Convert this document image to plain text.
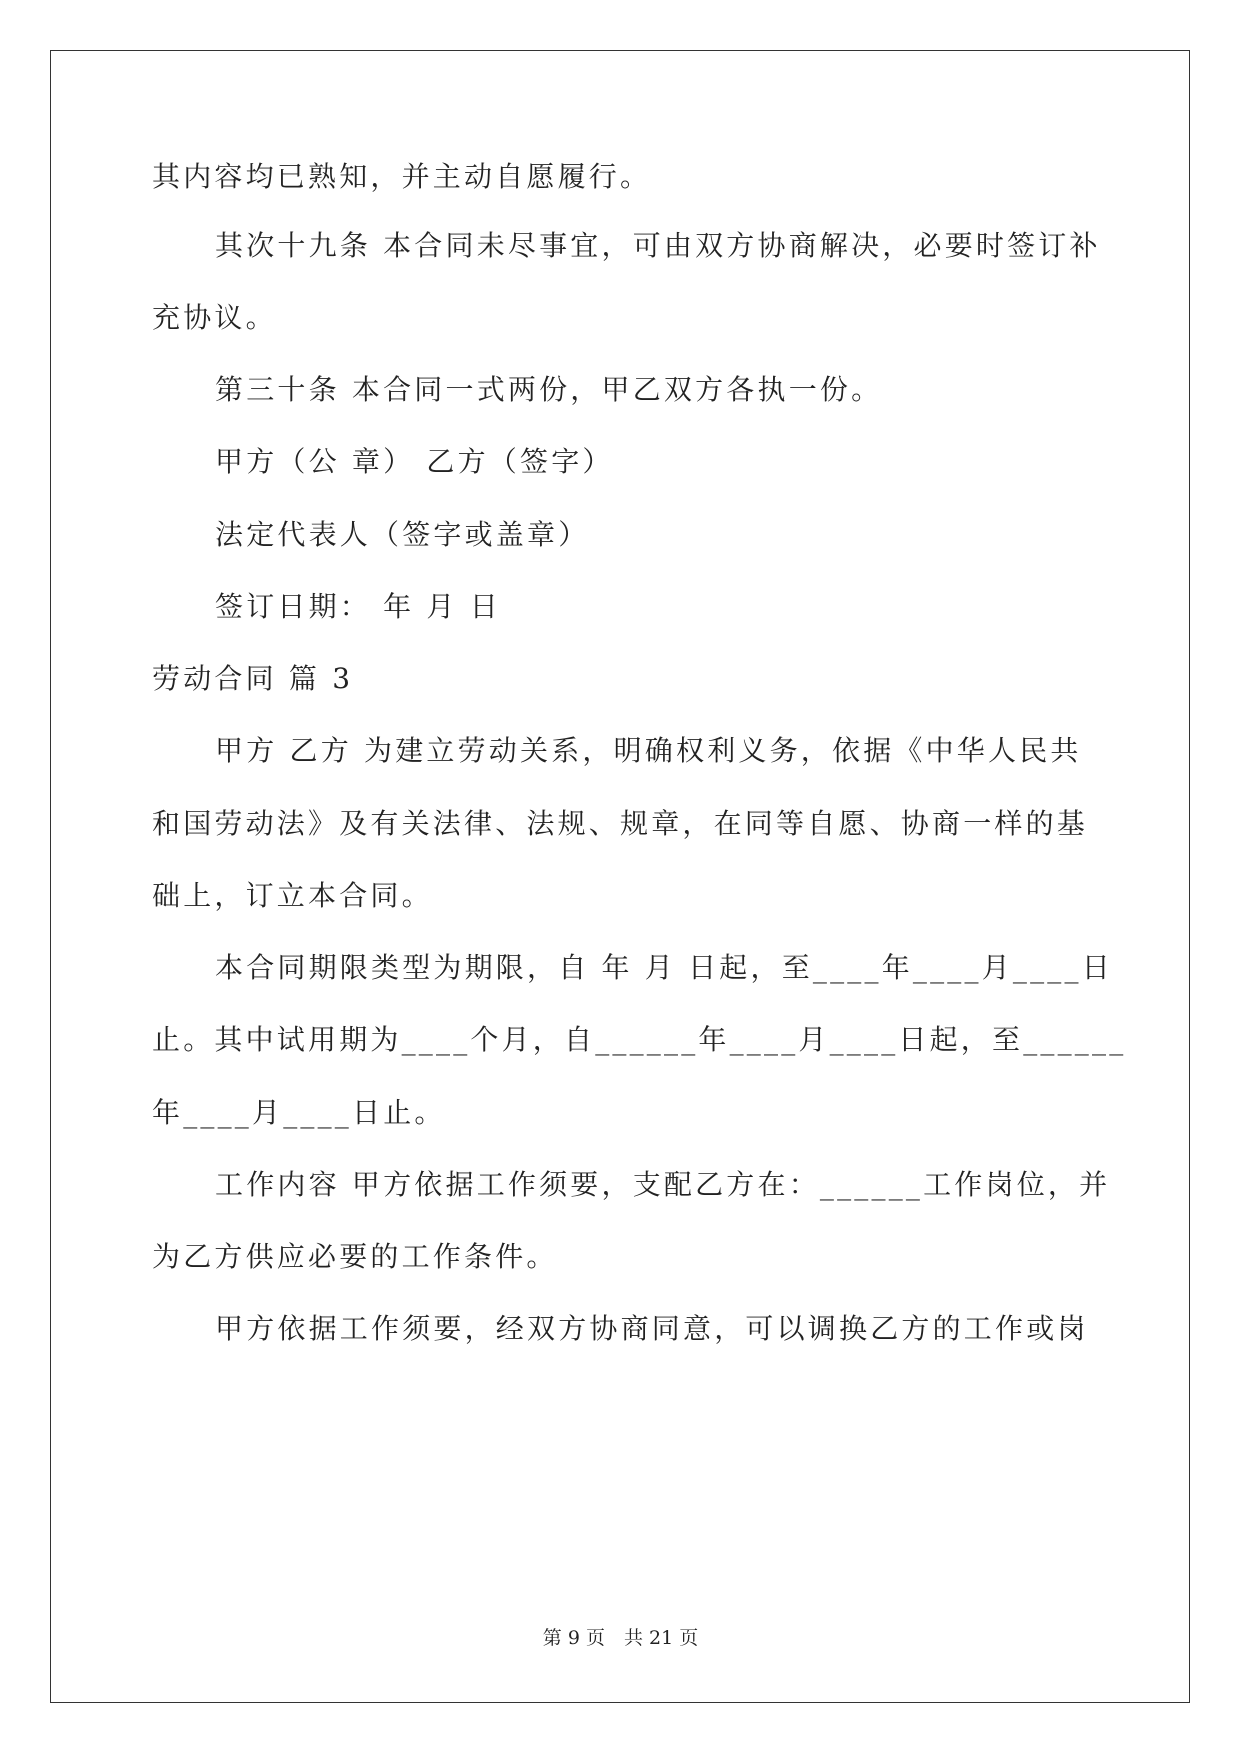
其内容均已熟知，并主动自愿履行。
其次十九条 本合同未尽事宜，可由双方协商解决，必要时签订补
充协议。
第三十条 本合同一式两份，甲乙双方各执一份。
甲方（公 章） 乙方（签字）
法定代表人（签字或盖章）
签订日期： 年 月 日
劳动合同 篇 3
甲方 乙方 为建立劳动关系，明确权利义务，依据《中华人民共
和国劳动法》及有关法律、法规、规章，在同等自愿、协商一样的基
础上，订立本合同。
本合同期限类型为期限，自 年 月 日起，至____年____月____日
止。其中试用期为____个月，自______年____月____日起，至______
年____月____日止。
工作内容 甲方依据工作须要，支配乙方在：______工作岗位，并
为乙方供应必要的工作条件。
甲方依据工作须要，经双方协商同意，可以调换乙方的工作或岗
第 9 页　共 21 页
